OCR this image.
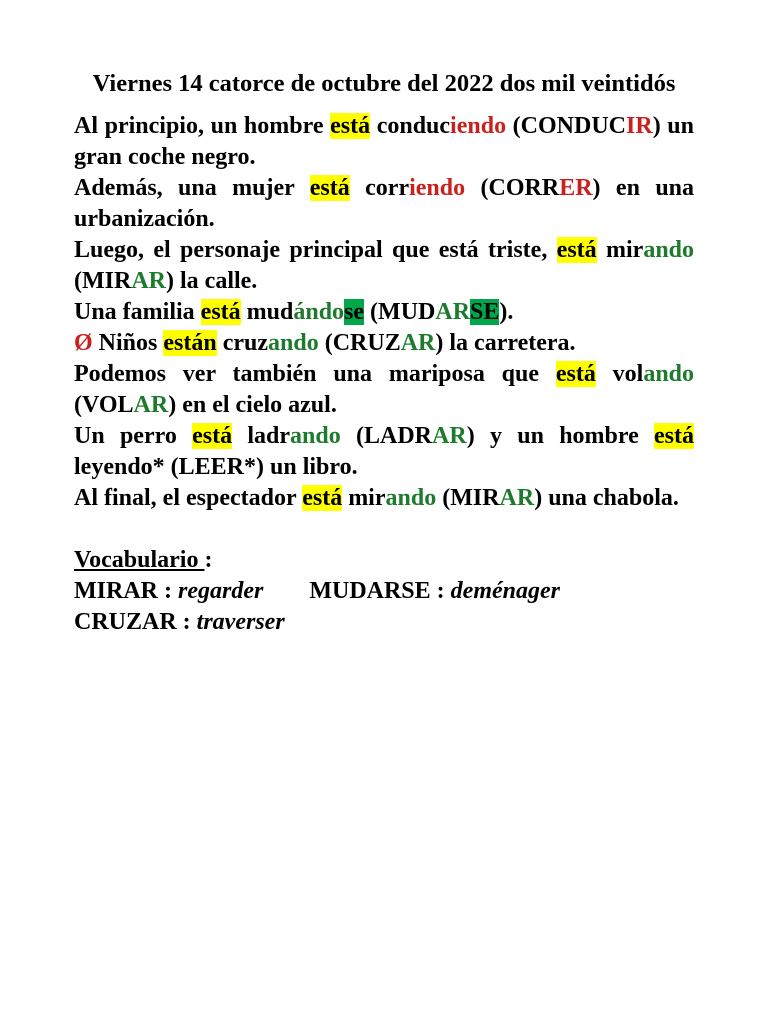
Viernes 14 catorce de octubre del 2022 dos mil veintidós
Al principio, un hombre está conduciendo (CONDUCIR) un gran coche negro.
Además, una mujer está corriendo (CORRER) en una urbanización.
Luego, el personaje principal que está triste, está mirando (MIRAR) la calle.
Una familia está mudándose (MUDARSE).
Ø Niños están cruzando (CRUZAR) la carretera.
Podemos ver también una mariposa que está volando (VOLAR) en el cielo azul.
Un perro está ladrando (LADRAR) y un hombre está leyendo* (LEER*) un libro.
Al final, el espectador está mirando (MIRAR) una chabola.
Vocabulario :
MIRAR : regarder MUDARSE : deménager
CRUZAR : traverser
